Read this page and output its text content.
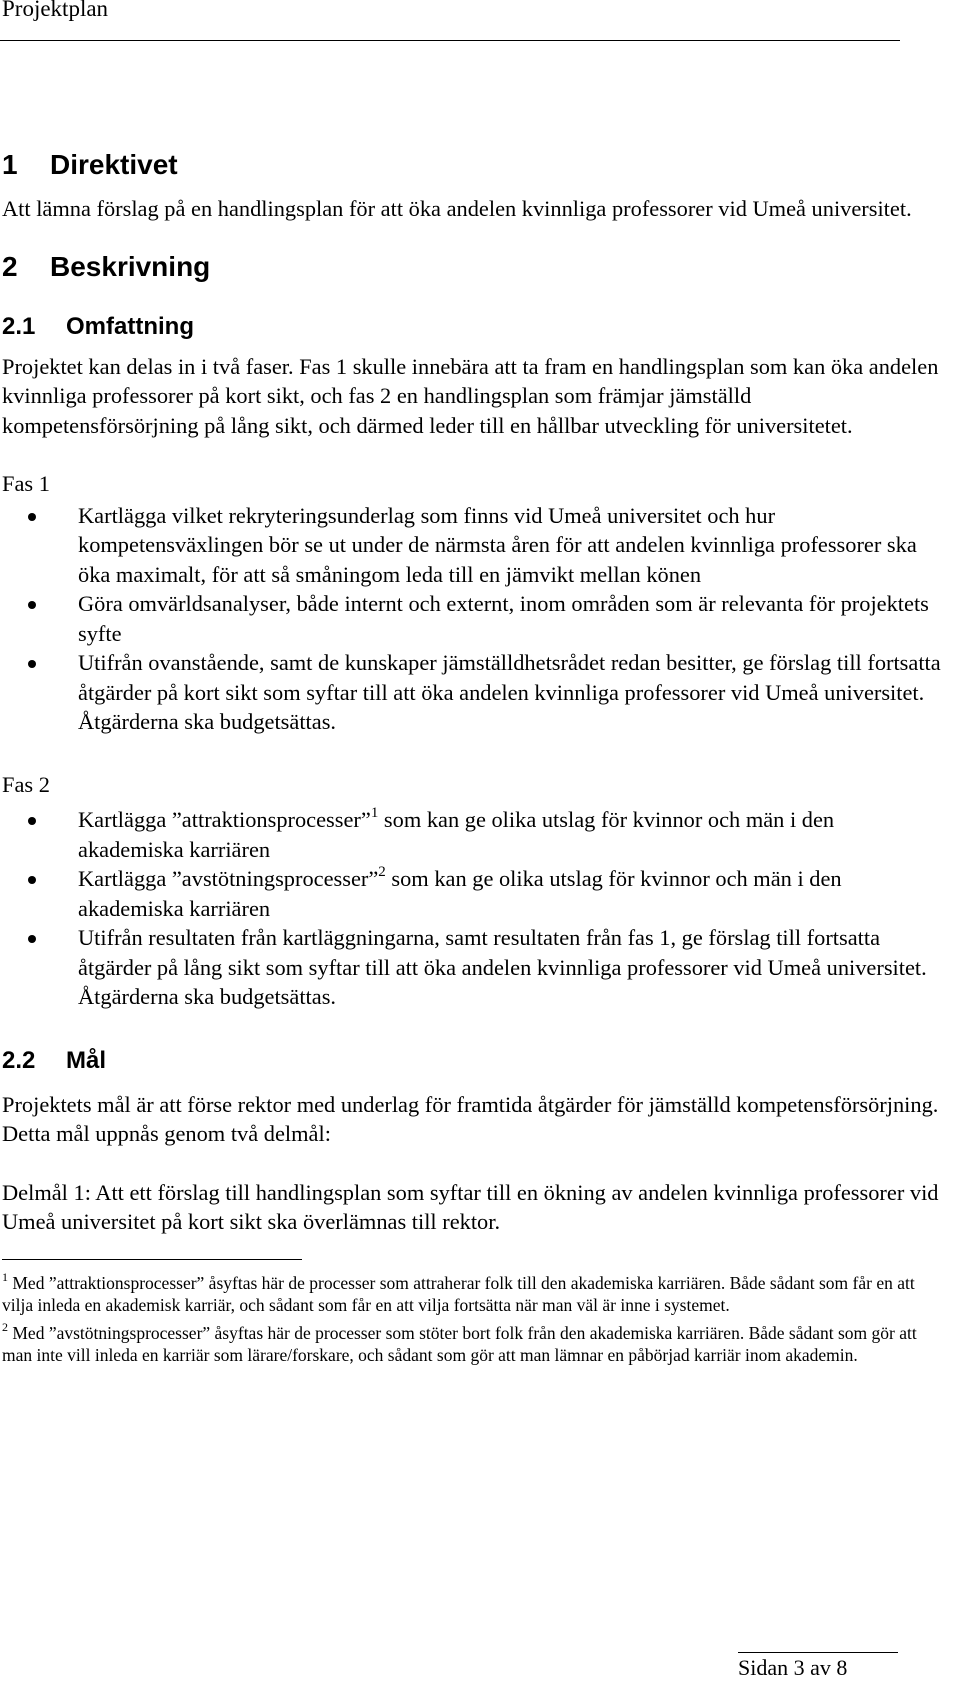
Projektplan
1 Direktivet

Att lämna förslag på en handlingsplan för att öka andelen kvinnliga professorer vid Umeå universitet.

2 Beskrivning
2.1 Omfattning

Projektet kan delas in i två faser. Fas 1 skulle innebära att ta fram en handlingsplan som kan öka andelen kvinnliga professorer på kort sikt, och fas 2 en handlingsplan som främjar jämställd kompetensförsörjning på lång sikt, och därmed leder till en hållbar utveckling för universitetet.

Fas 1

Kartlägga vilket rekryteringsunderlag som finns vid Umeå universitet och hur kompetensväxlingen bör se ut under de närmsta åren för att andelen kvinnliga professorer ska öka maximalt, för att så småningom leda till en jämvikt mellan könen
Göra omvärldsanalyser, både internt och externt, inom områden som är relevanta för projektets syfte
Utifrån ovanstående, samt de kunskaper jämställdhetsrådet redan besitter, ge förslag till fortsatta åtgärder på kort sikt som syftar till att öka andelen kvinnliga professorer vid Umeå universitet. Åtgärderna ska budgetsättas.

Fas 2

Kartlägga ”attraktionsprocesser”$^1$ som kan ge olika utslag för kvinnor och män i den akademiska karriären
Kartlägga ”avstötningsprocesser”$^2$ som kan ge olika utslag för kvinnor och män i den akademiska karriären
Utifrån resultaten från kartläggningarna, samt resultaten från fas 1, ge förslag till fortsatta åtgärder på lång sikt som syftar till att öka andelen kvinnliga professorer vid Umeå universitet. Åtgärderna ska budgetsättas.
2.2 Mål

Projektets mål är att förse rektor med underlag för framtida åtgärder för jämställd kompetensförsörjning. Detta mål uppnås genom två delmål:

Delmål 1: Att ett förslag till handlingsplan som syftar till en ökning av andelen kvinnliga professorer vid Umeå universitet på kort sikt ska överlämnas till rektor.

$^1$ Med ”attraktionsprocesser” åsyftas här de processer som attraherar folk till den akademiska karriären. Både sådant som får en att vilja inleda en akademisk karriär, och sådant som får en att vilja fortsätta när man väl är inne i systemet.

$^2$ Med ”avstötningsprocesser” åsyftas här de processer som stöter bort folk från den akademiska karriären. Både sådant som gör att man inte vill inleda en karriär som lärare/forskare, och sådant som gör att man lämnar en påbörjad karriär inom akademin.

Sidan 3 av 8
